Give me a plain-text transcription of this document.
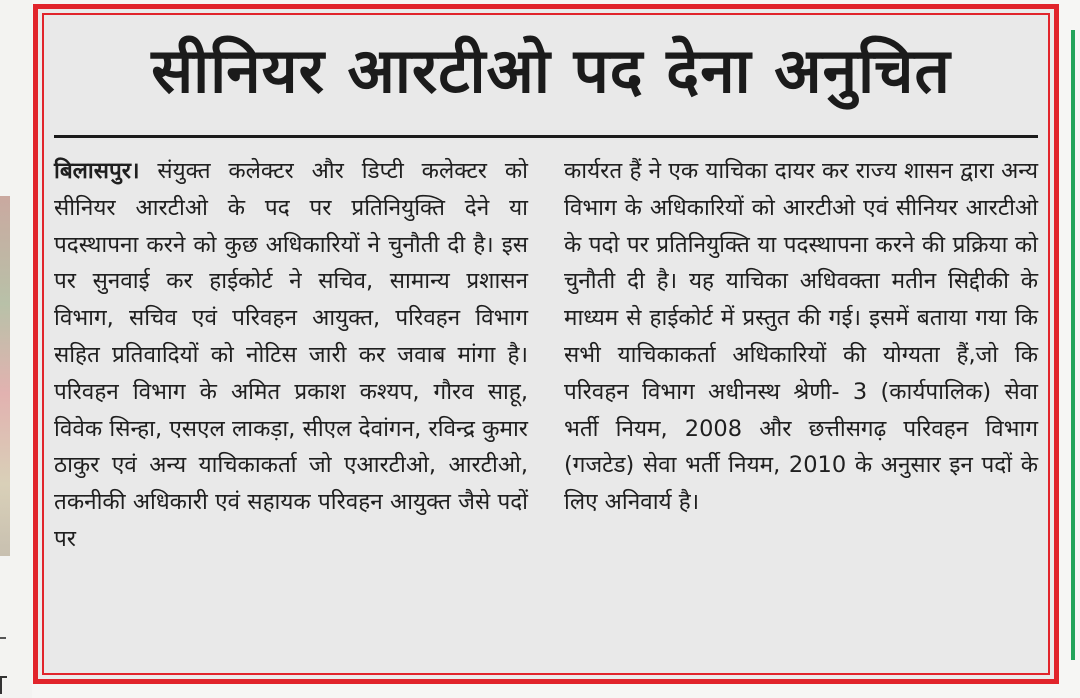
सीनियर आरटीओ पद देना अनुचित

बिलासपुर। संयुक्त कलेक्टर और डिप्टी कलेक्टर को सीनियर आरटीओ के पद पर प्रतिनियुक्ति देने या पदस्थापना करने को कुछ अधिकारियों ने चुनौती दी है। इस पर सुनवाई कर हाईकोर्ट ने सचिव, सामान्य प्रशासन विभाग, सचिव एवं परिवहन आयुक्त, परिवहन विभाग सहित प्रतिवादियों को नोटिस जारी कर जवाब मांगा है। परिवहन विभाग के अमित प्रकाश कश्यप, गौरव साहू, विवेक सिन्हा, एसएल लाकड़ा, सीएल देवांगन, रविन्द्र कुमार ठाकुर एवं अन्य याचिकाकर्ता जो एआरटीओ, आरटीओ, तकनीकी अधिकारी एवं सहायक परिवहन आयुक्त जैसे पदों पर

कार्यरत हैं ने एक याचिका दायर कर राज्य शासन द्वारा अन्य विभाग के अधिकारियों को आरटीओ एवं सीनियर आरटीओ के पदो पर प्रतिनियुक्ति या पदस्थापना करने की प्रक्रिया को चुनौती दी है। यह याचिका अधिवक्ता मतीन सिद्दीकी के माध्यम से हाईकोर्ट में प्रस्तुत की गई। इसमें बताया गया कि सभी याचिकाकर्ता अधिकारियों की योग्यता हैं,जो कि परिवहन विभाग अधीनस्थ श्रेणी- 3 (कार्यपालिक) सेवा भर्ती नियम, 2008 और छत्तीसगढ़ परिवहन विभाग (गजटेड) सेवा भर्ती नियम, 2010 के अनुसार इन पदों के लिए अनिवार्य है।
